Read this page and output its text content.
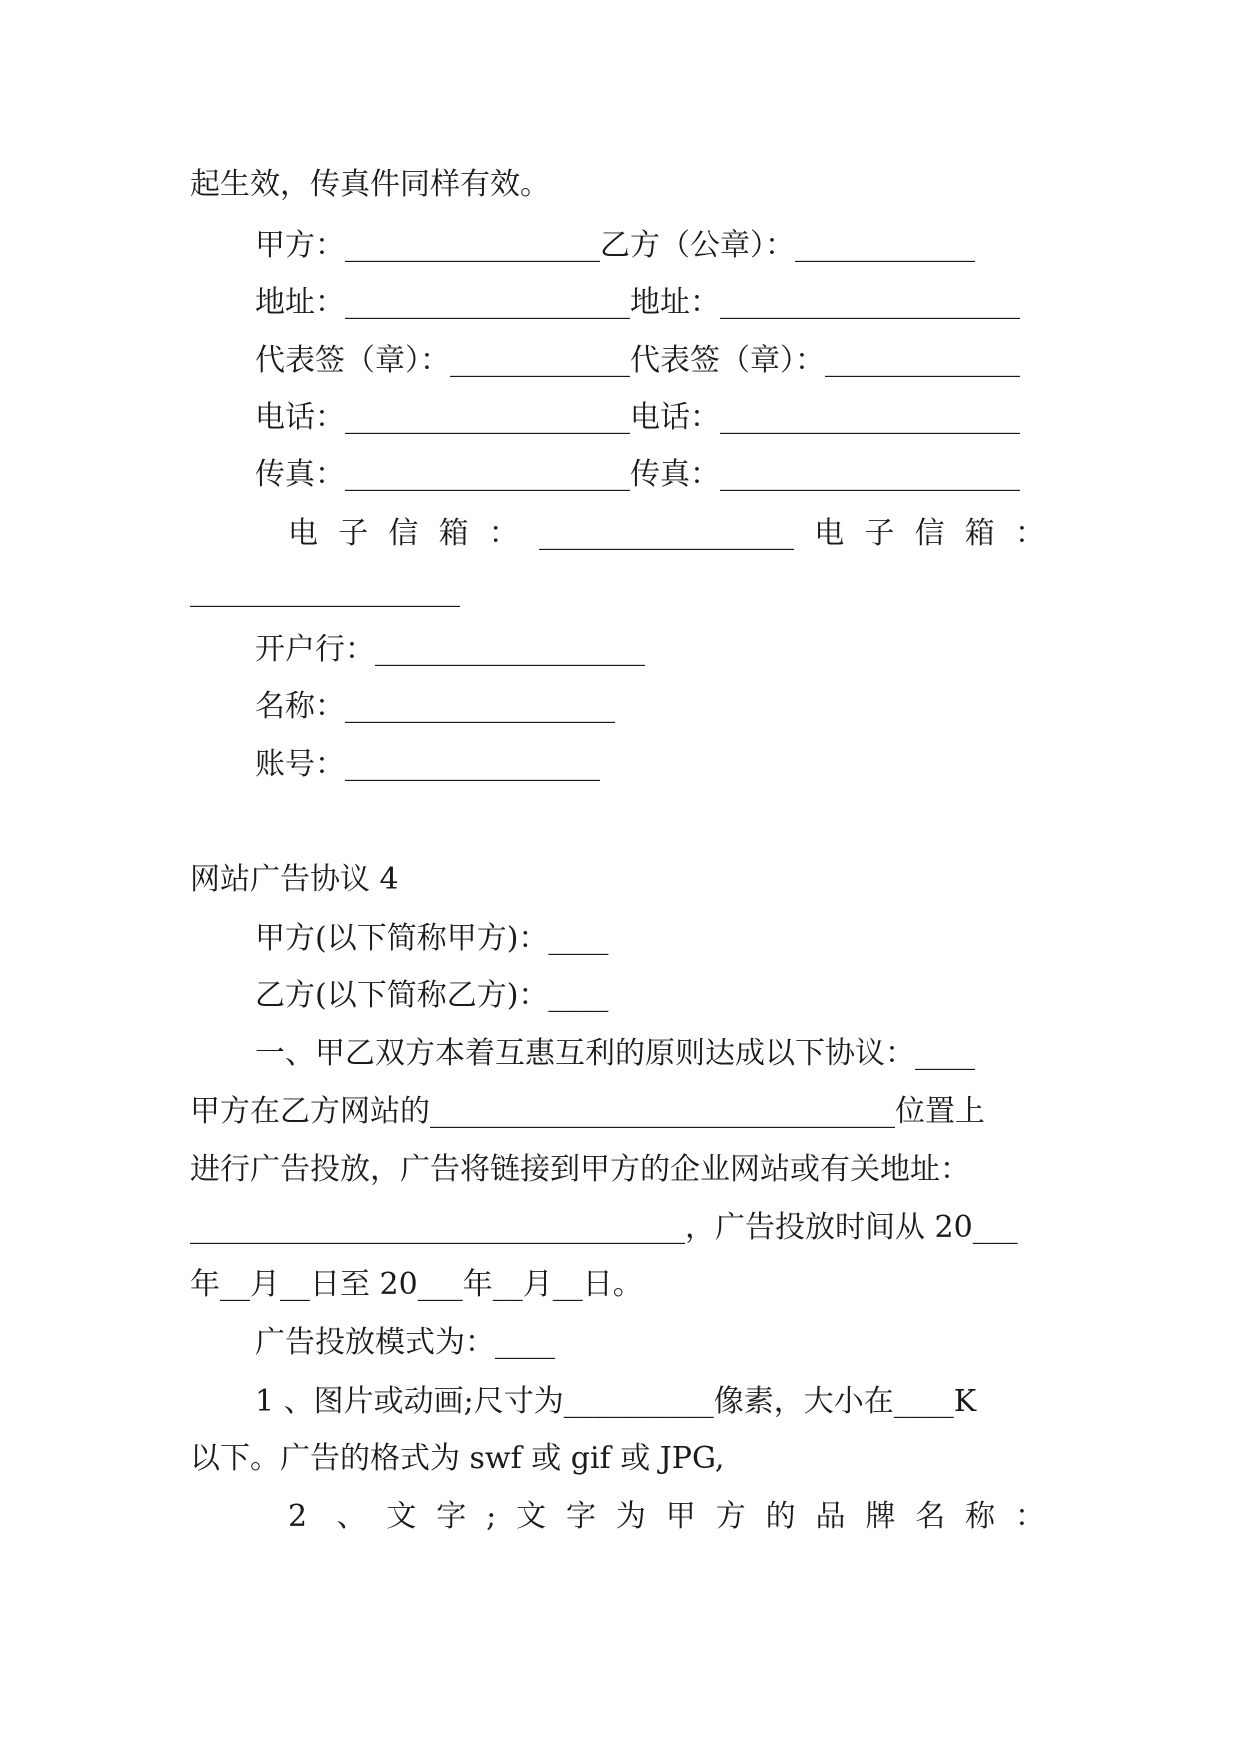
起生效，传真件同样有效。
甲方：_________________乙方（公章）：____________
地址：___________________地址：____________________
代表签（章）：____________代表签（章）：_____________
电话：___________________电话：____________________
传真：___________________传真：____________________
电子信箱：_________________电子信箱：
__________________
开户行：__________________
名称：__________________
账号：_________________
网站广告协议 4
甲方(以下简称甲方)：____
乙方(以下简称乙方)：____
一、甲乙双方本着互惠互利的原则达成以下协议：____
甲方在乙方网站的_______________________________位置上
进行广告投放，广告将链接到甲方的企业网站或有关地址：
_________________________________，广告投放时间从 20___
年__月__日至 20___年__月__日。
广告投放模式为：____
1 、图片或动画;尺寸为__________像素，大小在____K
以下。广告的格式为 swf 或 gif 或 JPG,
2 、文字;文字为甲方的品牌名称：
